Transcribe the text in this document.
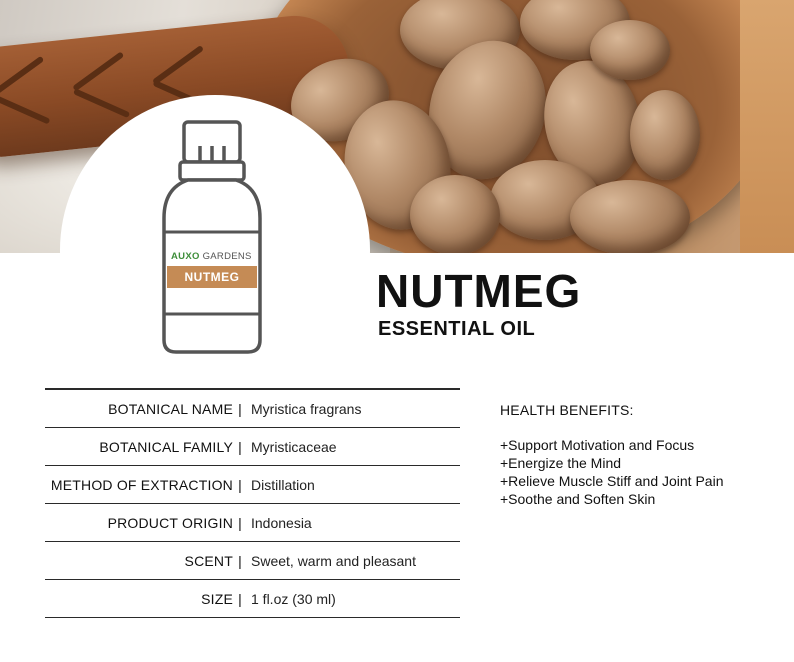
AUXO GARDENS
NUTMEG	NUTMEG
ESSENTIAL OIL
BOTANICAL NAME | Myristica fragrans
BOTANICAL FAMILY | Myristicaceae
METHOD OF EXTRACTION | Distillation
PRODUCT ORIGIN | Indonesia
SCENT | Sweet, warm and pleasant
SIZE | 1 fl.oz (30 ml)
HEALTH BENEFITS:
+Support Motivation and Focus
+Energize the Mind
+Relieve Muscle Stiff and Joint Pain
+Soothe and Soften Skin
